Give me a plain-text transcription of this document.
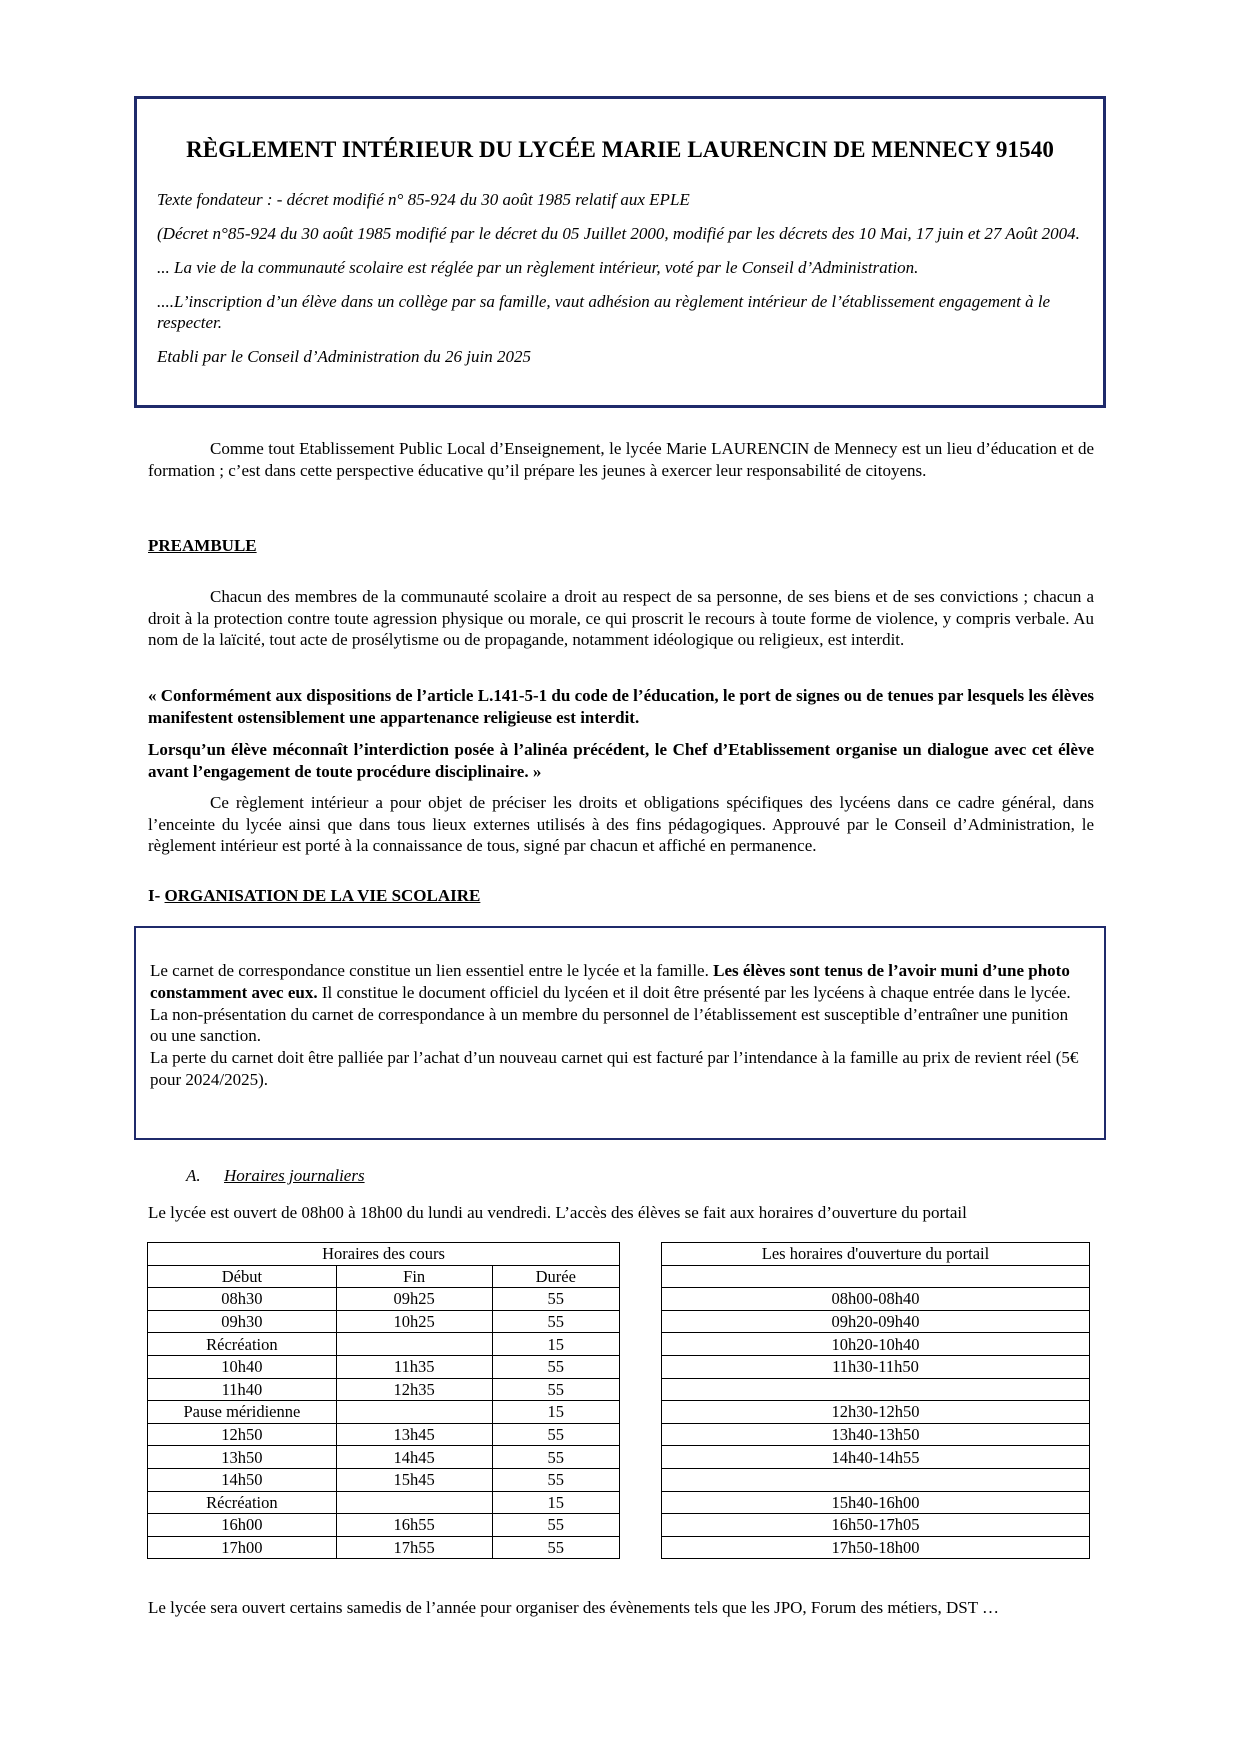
RÈGLEMENT INTÉRIEUR DU LYCÉE MARIE LAURENCIN DE MENNECY 91540

Texte fondateur : - décret modifié n° 85-924 du 30 août 1985 relatif aux EPLE

(Décret n°85-924 du 30 août 1985 modifié par le décret du 05 Juillet 2000, modifié par les décrets des 10 Mai, 17 juin et 27 Août 2004.

... La vie de la communauté scolaire est réglée par un règlement intérieur, voté par le Conseil d’Administration.

....L’inscription d’un élève dans un collège par sa famille, vaut adhésion au règlement intérieur de l’établissement engagement à le respecter.

Etabli par le Conseil d’Administration du 26 juin 2025

Comme tout Etablissement Public Local d’Enseignement, le lycée Marie LAURENCIN de Mennecy est un lieu d’éducation et de formation ; c’est dans cette perspective éducative qu’il prépare les jeunes à exercer leur responsabilité de citoyens.

PREAMBULE

Chacun des membres de la communauté scolaire a droit au respect de sa personne, de ses biens et de ses convictions ; chacun a droit à la protection contre toute agression physique ou morale, ce qui proscrit le recours à toute forme de violence, y compris verbale. Au nom de la laïcité, tout acte de prosélytisme ou de propagande, notamment idéologique ou religieux, est interdit.

« Conformément aux dispositions de l’article L.141-5-1 du code de l’éducation, le port de signes ou de tenues par lesquels les élèves manifestent ostensiblement une appartenance religieuse est interdit.

Lorsqu’un élève méconnaît l’interdiction posée à l’alinéa précédent, le Chef d’Etablissement organise un dialogue avec cet élève avant l’engagement de toute procédure disciplinaire. »

Ce règlement intérieur a pour objet de préciser les droits et obligations spécifiques des lycéens dans ce cadre général, dans l’enceinte du lycée ainsi que dans tous lieux externes utilisés à des fins pédagogiques. Approuvé par le Conseil d’Administration, le règlement intérieur est porté à la connaissance de tous, signé par chacun et affiché en permanence.

I- ORGANISATION DE LA VIE SCOLAIRE

Le carnet de correspondance constitue un lien essentiel entre le lycée et la famille. Les élèves sont tenus de l’avoir muni d’une photo constamment avec eux. Il constitue le document officiel du lycéen et il doit être présenté par les lycéens à chaque entrée dans le lycée.
La non-présentation du carnet de correspondance à un membre du personnel de l’établissement est susceptible d’entraîner une punition ou une sanction.
La perte du carnet doit être palliée par l’achat d’un nouveau carnet qui est facturé par l’intendance à la famille au prix de revient réel (5€ pour 2024/2025).

A. Horaires journaliers

Le lycée est ouvert de 08h00 à 18h00 du lundi au vendredi. L’accès des élèves se fait aux horaires d’ouverture du portail

Horaires des cours		
Début	Fin	Durée
08h30	09h25	55
09h30	10h25	55
Récréation		15
10h40	11h35	55
11h40	12h35	55
Pause méridienne		15
12h50	13h45	55
13h50	14h45	55
14h50	15h45	55
Récréation		15
16h00	16h55	55
17h00	17h55	55
Les horaires d'ouverture du portail

08h00-08h40
09h20-09h40
10h20-10h40
11h30-11h50

12h30-12h50
13h40-13h50
14h40-14h55

15h40-16h00
16h50-17h05
17h50-18h00

Le lycée sera ouvert certains samedis de l’année pour organiser des évènements tels que les JPO, Forum des métiers, DST …
